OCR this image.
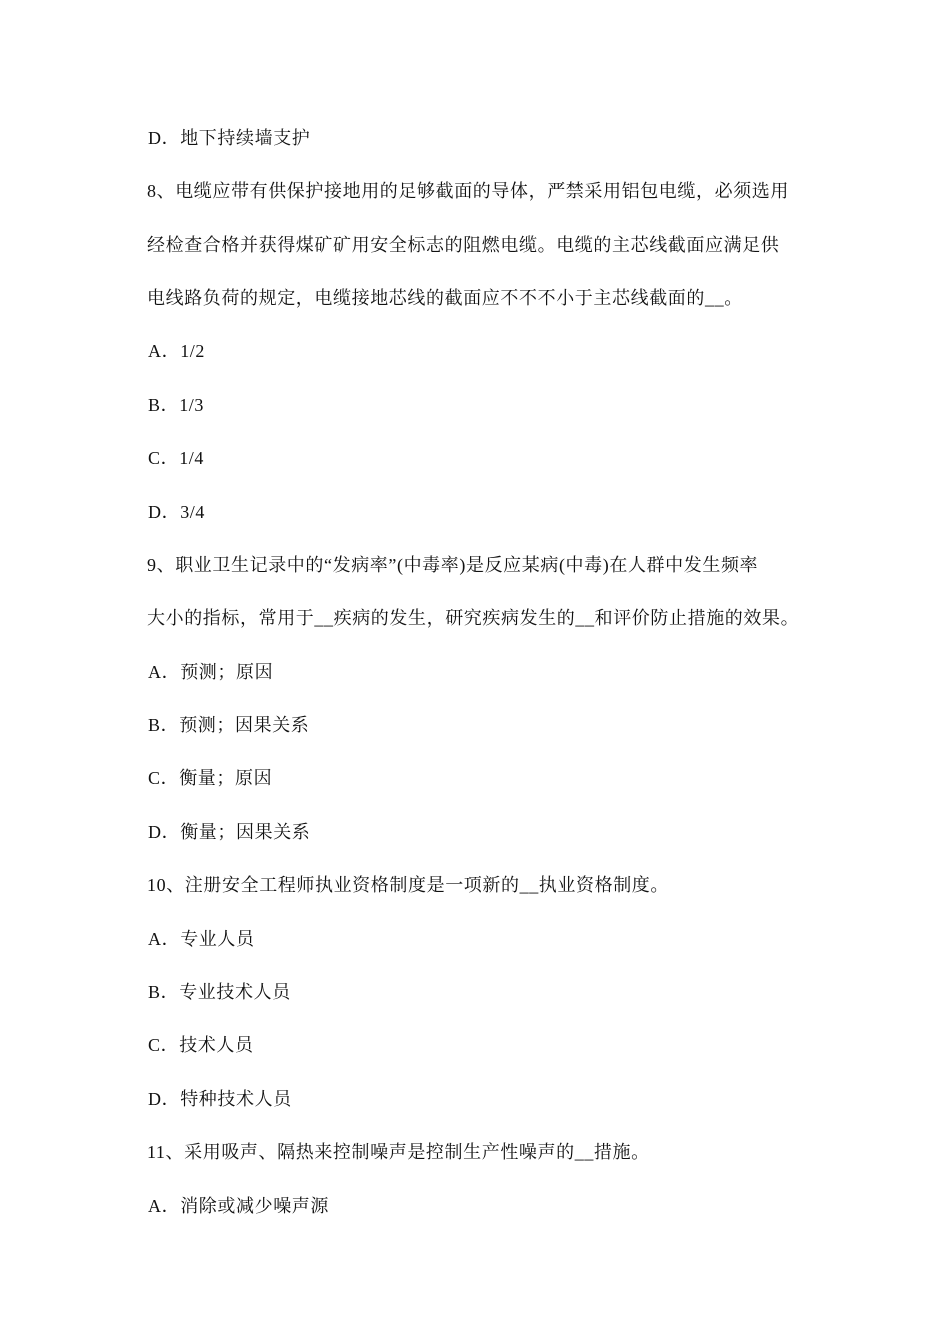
D．地下持续墙支护
8、电缆应带有供保护接地用的足够截面的导体，严禁采用铝包电缆，必须选用
经检查合格并获得煤矿矿用安全标志的阻燃电缆。电缆的主芯线截面应满足供
电线路负荷的规定，电缆接地芯线的截面应不不不小于主芯线截面的__。
A．1/2
B．1/3
C．1/4
D．3/4
9、职业卫生记录中的“发病率”(中毒率)是反应某病(中毒)在人群中发生频率
大小的指标，常用于__疾病的发生，研究疾病发生的__和评价防止措施的效果。
A．预测；原因
B．预测；因果关系
C．衡量；原因
D．衡量；因果关系
10、注册安全工程师执业资格制度是一项新的__执业资格制度。
A．专业人员
B．专业技术人员
C．技术人员
D．特种技术人员
11、采用吸声、隔热来控制噪声是控制生产性噪声的__措施。
A．消除或减少噪声源
